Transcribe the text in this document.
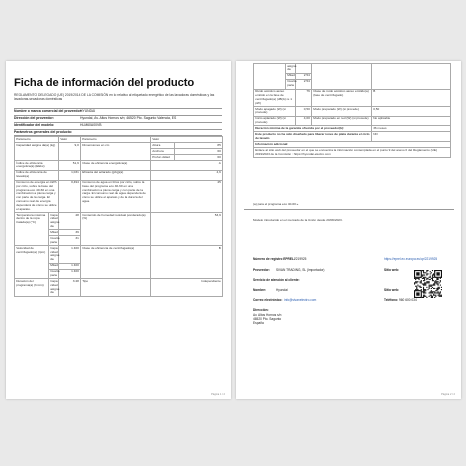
Ficha de información del producto
REGLAMENTO DELEGADO (UE) 2019/2014 DE LA COMISIÓN en lo relativo al etiquetado energético de las lavadoras domésticas y las lavadoras-secadoras domésticas
Nombre o marca comercial del proveedor:
HYUNDAI
Dirección del proveedor:	Hyundai, Av. Altos Hornos s/n; 46520 Pto. Sagunto Valencia, ES
Identificador del modelo:	HLM60A00VB
Parámetros generales del producto:
Parámetro		Valor	Parámetro	Valor	
Capacidad asigna da(a) (kg)		9,0	Dimensiones en cm	Altura	85
				Anchura	60
				Profun didad	60
Índice de eficiencia energética(a) (EEIw)		51,9	Clase de eficiencia energética(a)	A	
Índice de eficiencia de lavado(a)		1,031	Eficacia del aclarado (g/kg)(a)	4,6	
Consumo de energía en kWh por ciclo, sobre la base del programa eco 40-60 en una combinación a plena carga y con parte de la carga. El consumo real de energía dependerá de cómo se utilice el aparato.		0,494	Consumo de agua en litros por ciclo, sobre la base del programa eco 40-60 en una combinación a plena carga y con parte de la carga. El consumo real de agua dependerá de cómo se utilice el aparato y de la dureza del agua.	45	
Temperatura máxima dentro de la ropa tratada(a) (°C)	Capa cidad asigna da	48	Contenido de humedad residual ponderado(a) (%)	53,9	
	Mitad	39			
	Cuarta parte	31			
Velocidad de centrifugado(a) (rpm)	Capa cidad asigna da	1 400	Clase de eficiencia de centrifugado(a)	B	
	Mitad	1 400			
	Cuarta parte	1 400			
Duración del programa(a) (h:min)	Capa cidad asigna da	3:48	Tipo	Independiente	
Página 1 / 2
	asigna da			
	Mitad	2:54		
	Cuarta parte	2:54		
Ruido acústico aéreo emitido en la fase de centrifugado(a) (dB(A) re 1 pW)		76	Clase de ruido acústico aéreo emitido(a) (fase de centrifugado)	B
Modo apagado (W) (si procede)		0,50	Modo preparado (W) (si procede)	0,50
Inicio aplazado (W) (si procede)		4,00	Modo preparado en red (W) (si procede)	No aplicable
Duración mínima de la garantía ofrecida por el proveedor(b):				36 meses
Este producto no ha sido diseñado para liberar iones de plata durante el ciclo de lavado				NO
Información adicional:				
Enlace al sitio web del proveedor en el que se encuentra la información contemplada en el punto 9 del anexo II del Reglamento (UE) 2019/2023 de la Comisión : https://hyundai-electro.com				
(a) para el programa eco 40-60.»
Modelo introducido en el mercado de la Unión desde 20/06/2023.
Número de registro EPREL: 2219925	https://eprel.ec.europa.eu/qr/2219925
Proveedor: SIVAN TRADING, SL (Importador)	Sitio web:
Servicio de atención al cliente:
Nombre:	Hyundai	Sitio web:
Correo electrónico: info@sivanelectro.com	Teléfono: 960 600 034
Dirección:
Av. Altos Hornos s/n
46520 Pto. Sagunto
España
Página 2 / 2
